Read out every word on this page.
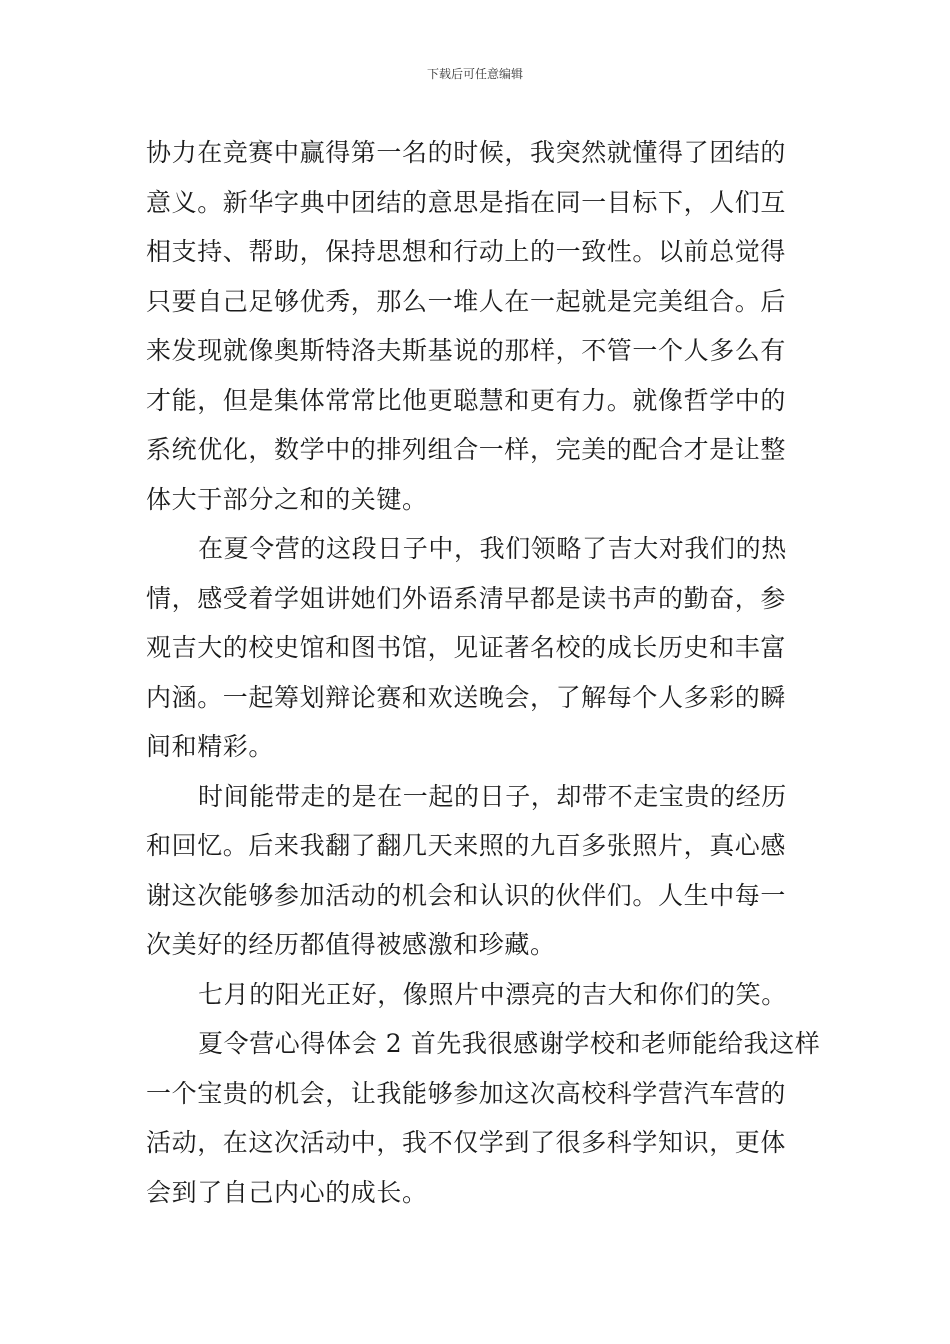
下载后可任意编辑
协力在竞赛中赢得第一名的时候，我突然就懂得了团结的
意义。新华字典中团结的意思是指在同一目标下，人们互
相支持、帮助，保持思想和行动上的一致性。以前总觉得
只要自己足够优秀，那么一堆人在一起就是完美组合。后
来发现就像奥斯特洛夫斯基说的那样，不管一个人多么有
才能，但是集体常常比他更聪慧和更有力。就像哲学中的
系统优化，数学中的排列组合一样，完美的配合才是让整
体大于部分之和的关键。
在夏令营的这段日子中，我们领略了吉大对我们的热
情，感受着学姐讲她们外语系清早都是读书声的勤奋，参
观吉大的校史馆和图书馆，见证著名校的成长历史和丰富
内涵。一起筹划辩论赛和欢送晚会，了解每个人多彩的瞬
间和精彩。
时间能带走的是在一起的日子，却带不走宝贵的经历
和回忆。后来我翻了翻几天来照的九百多张照片，真心感
谢这次能够参加活动的机会和认识的伙伴们。人生中每一
次美好的经历都值得被感激和珍藏。
七月的阳光正好，像照片中漂亮的吉大和你们的笑。
夏令营心得体会 2 首先我很感谢学校和老师能给我这样
一个宝贵的机会，让我能够参加这次高校科学营汽车营的
活动，在这次活动中，我不仅学到了很多科学知识，更体
会到了自己内心的成长。
